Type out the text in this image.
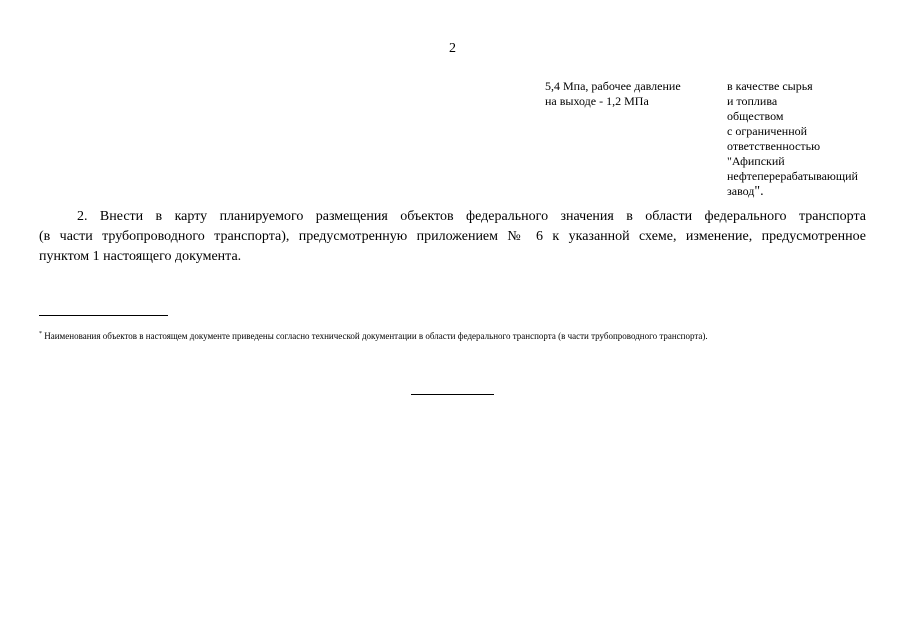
2
5,4 Мпа, рабочее давление
на выходе - 1,2 МПа
в качестве сырья
и топлива
обществом
с ограниченной
ответственностью
"Афипский
нефтеперерабатывающий
завод".
2. Внести в карту планируемого размещения объектов федерального значения в области федерального транспорта
(в части трубопроводного транспорта), предусмотренную приложением № 6 к указанной схеме, изменение, предусмотренное
пунктом 1 настоящего документа.
* Наименования объектов в настоящем документе приведены согласно технической документации в области федерального транспорта (в части трубопроводного транспорта).
